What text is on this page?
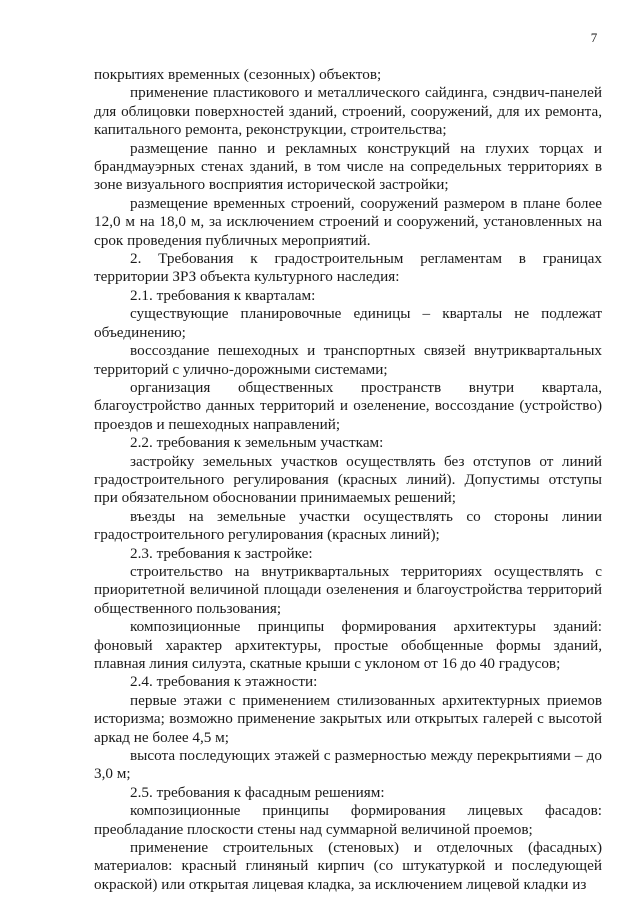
7

покрытиях временных (сезонных) объектов;

применение пластикового и металлического сайдинга, сэндвич-панелей для облицовки поверхностей зданий, строений, сооружений, для их ремонта, капитального ремонта, реконструкции, строительства;

размещение панно и рекламных конструкций на глухих торцах и брандмауэрных стенах зданий, в том числе на сопредельных территориях в зоне визуального восприятия исторической застройки;

размещение временных строений, сооружений размером в плане более 12,0 м на 18,0 м, за исключением строений и сооружений, установленных на срок проведения публичных мероприятий.

2. Требования к градостроительным регламентам в границах территории ЗРЗ объекта культурного наследия:

2.1. требования к кварталам:

существующие планировочные единицы – кварталы не подлежат объединению;

воссоздание пешеходных и транспортных связей внутриквартальных территорий с улично-дорожными системами;

организация общественных пространств внутри квартала, благоустройство данных территорий и озеленение, воссоздание (устройство) проездов и пешеходных направлений;

2.2. требования к земельным участкам:

застройку земельных участков осуществлять без отступов от линий градостроительного регулирования (красных линий). Допустимы отступы при обязательном обосновании принимаемых решений;

въезды на земельные участки осуществлять со стороны линии градостроительного регулирования (красных линий);

2.3. требования к застройке:

строительство на внутриквартальных территориях осуществлять с приоритетной величиной площади озеленения и благоустройства территорий общественного пользования;

композиционные принципы формирования архитектуры зданий: фоновый характер архитектуры, простые обобщенные формы зданий, плавная линия силуэта, скатные крыши с уклоном от 16 до 40 градусов;

2.4. требования к этажности:

первые этажи с применением стилизованных архитектурных приемов историзма; возможно применение закрытых или открытых галерей с высотой аркад не более 4,5 м;

высота последующих этажей с размерностью между перекрытиями – до 3,0 м;

2.5. требования к фасадным решениям:

композиционные принципы формирования лицевых фасадов: преобладание плоскости стены над суммарной величиной проемов;

применение строительных (стеновых) и отделочных (фасадных) материалов: красный глиняный кирпич (со штукатуркой и последующей окраской) или открытая лицевая кладка, за исключением лицевой кладки из
